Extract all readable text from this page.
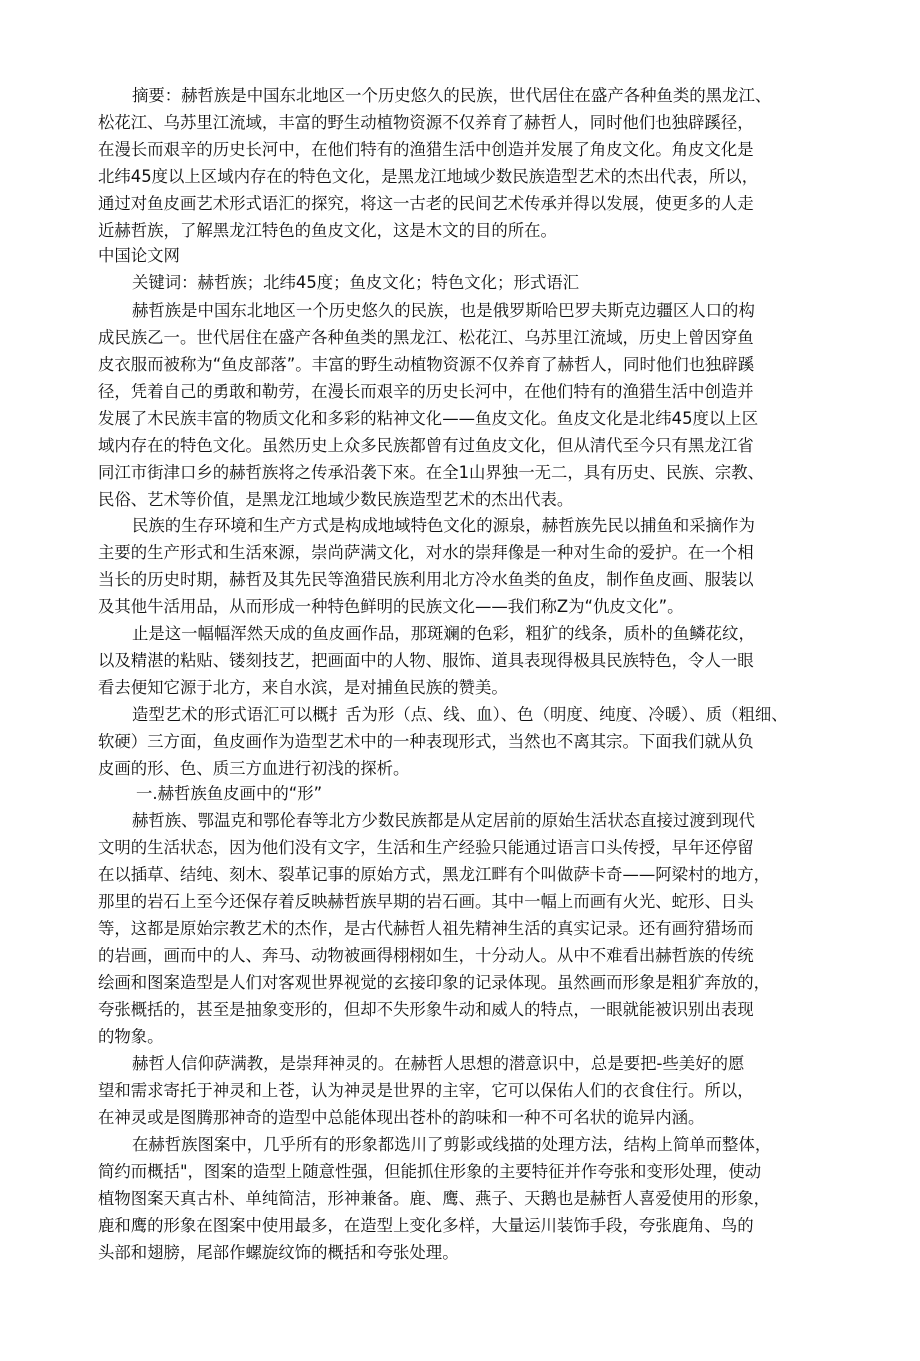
摘要：赫哲族是中国东北地区一个历史悠久的民族，世代居住在盛产各种鱼类的黑龙江、
松花江、乌苏里江流域，丰富的野生动植物资源不仅养育了赫哲人，同时他们也独辟蹊径，
在漫长而艰辛的历史长河中，在他们特有的渔猎生活中创造并发展了角皮文化。角皮文化是
北纬45度以上区域内存在的特色文化，是黑龙江地域少数民族造型艺术的杰出代表，所以，
通过对鱼皮画艺术形式语汇的探究，将这一古老的民间艺术传承并得以发展，使更多的人走
近赫哲族，了解黑龙江特色的鱼皮文化，这是木文的目的所在。
中国论文网
关键词：赫哲族；北纬45度；鱼皮文化；特色文化；形式语汇
赫哲族是中国东北地区一个历史悠久的民族，也是俄罗斯哈巴罗夫斯克边疆区人口的构
成民族乙一。世代居住在盛产各种鱼类的黑龙江、松花江、乌苏里江流域，历史上曾因穿鱼
皮衣服而被称为“鱼皮部落”。丰富的野生动植物资源不仅养育了赫哲人，同时他们也独辟蹊
径，凭着自己的勇敢和勒劳，在漫长而艰辛的历史长河中，在他们特有的渔猎生活中创造并
发展了木民族丰富的物质文化和多彩的粘神文化——鱼皮文化。鱼皮文化是北纬45度以上区
域内存在的特色文化。虽然历史上众多民族都曾有过鱼皮文化，但从清代至今只有黑龙江省
同江市街津口乡的赫哲族将之传承沿袭下來。在全1山界独一无二，具有历史、民族、宗教、
民俗、艺术等价值，是黑龙江地域少数民族造型艺术的杰出代表。
民族的生存环境和生产方式是构成地域特色文化的源泉，赫哲族先民以捕鱼和采摘作为
主要的生产形式和生活來源，崇尚萨满文化，对水的崇拜像是一种对生命的爱护。在一个相
当长的历史时期，赫哲及其先民等渔猎民族利用北方冷水鱼类的鱼皮，制作鱼皮画、服装以
及其他牛活用品，从而形成一种特色鲜明的民族文化——我们称Z为“仇皮文化”。
止是这一幅幅浑然天成的鱼皮画作品，那斑斓的色彩，粗犷的线条，质朴的鱼鳞花纹，
以及精湛的粘贴、镂刻技艺，把画面中的人物、服饰、道具表现得极具民族特色，令人一眼
看去便知它源于北方，来自水滨，是对捕鱼民族的赞美。
造型艺术的形式语汇可以概扌舌为形（点、线、血）、色（明度、纯度、冷暖）、质（粗细、
软硬）三方面，鱼皮画作为造型艺术中的一种表现形式，当然也不离其宗。下面我们就从负
皮画的形、色、质三方血进行初浅的探析。
一.赫哲族鱼皮画中的“形”
赫哲族、鄂温克和鄂伦春等北方少数民族都是从定居前的原始生活状态直接过渡到现代
文明的生活状态，因为他们没有文字，生活和生产经验只能通过语言口头传授，早年还停留
在以插草、结纯、刻木、裂革记事的原始方式，黑龙江畔有个叫做萨卡奇——阿梁村的地方，
那里的岩石上至今还保存着反映赫哲族早期的岩石画。其中一幅上而画有火光、蛇形、日头
等，这都是原始宗教艺术的杰作，是古代赫哲人祖先精神生活的真实记录。还有画狩猎场而
的岩画，画而中的人、奔马、动物被画得栩栩如生，十分动人。从中不难看出赫哲族的传统
绘画和图案造型是人们对客观世界视觉的玄接印象的记录体现。虽然画而形象是粗犷奔放的，
夸张概括的，甚至是抽象变形的，但却不失形象牛动和威人的特点，一眼就能被识别出表现
的物象。
赫哲人信仰萨满教，是崇拜神灵的。在赫哲人思想的潜意识中，总是要把-些美好的愿
望和需求寄托于神灵和上苍，认为神灵是世界的主宰，它可以保佑人们的衣食住行。所以，
在神灵或是图腾那神奇的造型中总能体现出苍朴的韵味和一种不可名状的诡异内涵。
在赫哲族图案中，几乎所有的形象都选川了剪影或线描的处理方法，结构上简单而整体，
简约而概括"，图案的造型上随意性强，但能抓住形象的主要特征并作夸张和变形处理，使动
植物图案天真古朴、单纯简洁，形神兼备。鹿、鹰、燕子、天鹅也是赫哲人喜爱使用的形象，
鹿和鹰的形象在图案中使用最多，在造型上变化多样，大量运川装饰手段，夸张鹿角、鸟的
头部和翅膀，尾部作螺旋纹饰的概括和夸张处理。
